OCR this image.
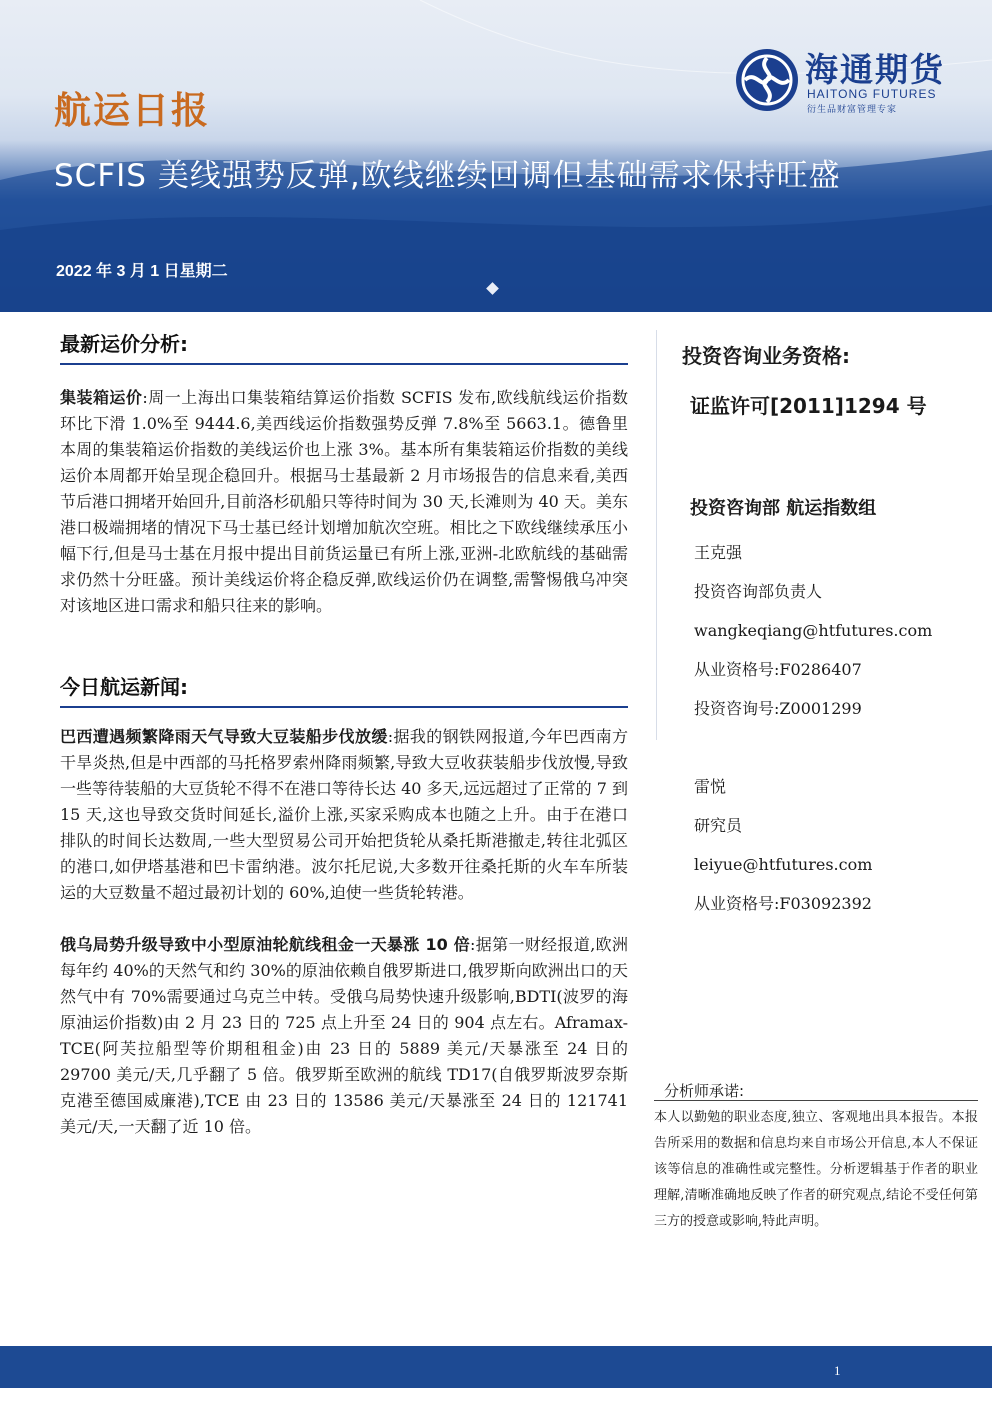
海通期货
HAITONG FUTURES
衍生品财富管理专家
航运日报
SCFIS 美线强势反弹,欧线继续回调但基础需求保持旺盛
2022 年 3 月 1 日星期二
最新运价分析:

集装箱运价:周一上海出口集装箱结算运价指数 SCFIS 发布,欧线航线运价指数环比下滑 1.0%至 9444.6,美西线运价指数强势反弹 7.8%至 5663.1。德鲁里本周的集装箱运价指数的美线运价也上涨 3%。基本所有集装箱运价指数的美线运价本周都开始呈现企稳回升。根据马士基最新 2 月市场报告的信息来看,美西节后港口拥堵开始回升,目前洛杉矶船只等待时间为 30 天,长滩则为 40 天。美东港口极端拥堵的情况下马士基已经计划增加航次空班。相比之下欧线继续承压小幅下行,但是马士基在月报中提出目前货运量已有所上涨,亚洲-北欧航线的基础需求仍然十分旺盛。预计美线运价将企稳反弹,欧线运价仍在调整,需警惕俄乌冲突对该地区进口需求和船只往来的影响。

今日航运新闻:

巴西遭遇频繁降雨天气导致大豆装船步伐放缓:据我的钢铁网报道,今年巴西南方干旱炎热,但是中西部的马托格罗索州降雨频繁,导致大豆收获装船步伐放慢,导致一些等待装船的大豆货轮不得不在港口等待长达 40 多天,远远超过了正常的 7 到 15 天,这也导致交货时间延长,溢价上涨,买家采购成本也随之上升。由于在港口排队的时间长达数周,一些大型贸易公司开始把货轮从桑托斯港撤走,转往北弧区的港口,如伊塔基港和巴卡雷纳港。波尔托尼说,大多数开往桑托斯的火车车所装运的大豆数量不超过最初计划的 60%,迫使一些货轮转港。

俄乌局势升级导致中小型原油轮航线租金一天暴涨 10 倍:据第一财经报道,欧洲每年约 40%的天然气和约 30%的原油依赖自俄罗斯进口,俄罗斯向欧洲出口的天然气中有 70%需要通过乌克兰中转。受俄乌局势快速升级影响,BDTI(波罗的海原油运价指数)由 2 月 23 日的 725 点上升至 24 日的 904 点左右。Aframax-TCE(阿芙拉船型等价期租租金)由 23 日的 5889 美元/天暴涨至 24 日的 29700 美元/天,几乎翻了 5 倍。俄罗斯至欧洲的航线 TD17(自俄罗斯波罗奈斯克港至德国威廉港),TCE 由 23 日的 13586 美元/天暴涨至 24 日的 121741 美元/天,一天翻了近 10 倍。

投资咨询业务资格:
证监许可[2011]1294 号
投资咨询部 航运指数组
王克强
投资咨询部负责人
wangkeqiang@htfutures.com
从业资格号:F0286407
投资咨询号:Z0001299
雷悦
研究员
leiyue@htfutures.com
从业资格号:F03092392
分析师承诺:
本人以勤勉的职业态度,独立、客观地出具本报告。本报告所采用的数据和信息均来自市场公开信息,本人不保证该等信息的准确性或完整性。分析逻辑基于作者的职业理解,清晰准确地反映了作者的研究观点,结论不受任何第三方的授意或影响,特此声明。
1
